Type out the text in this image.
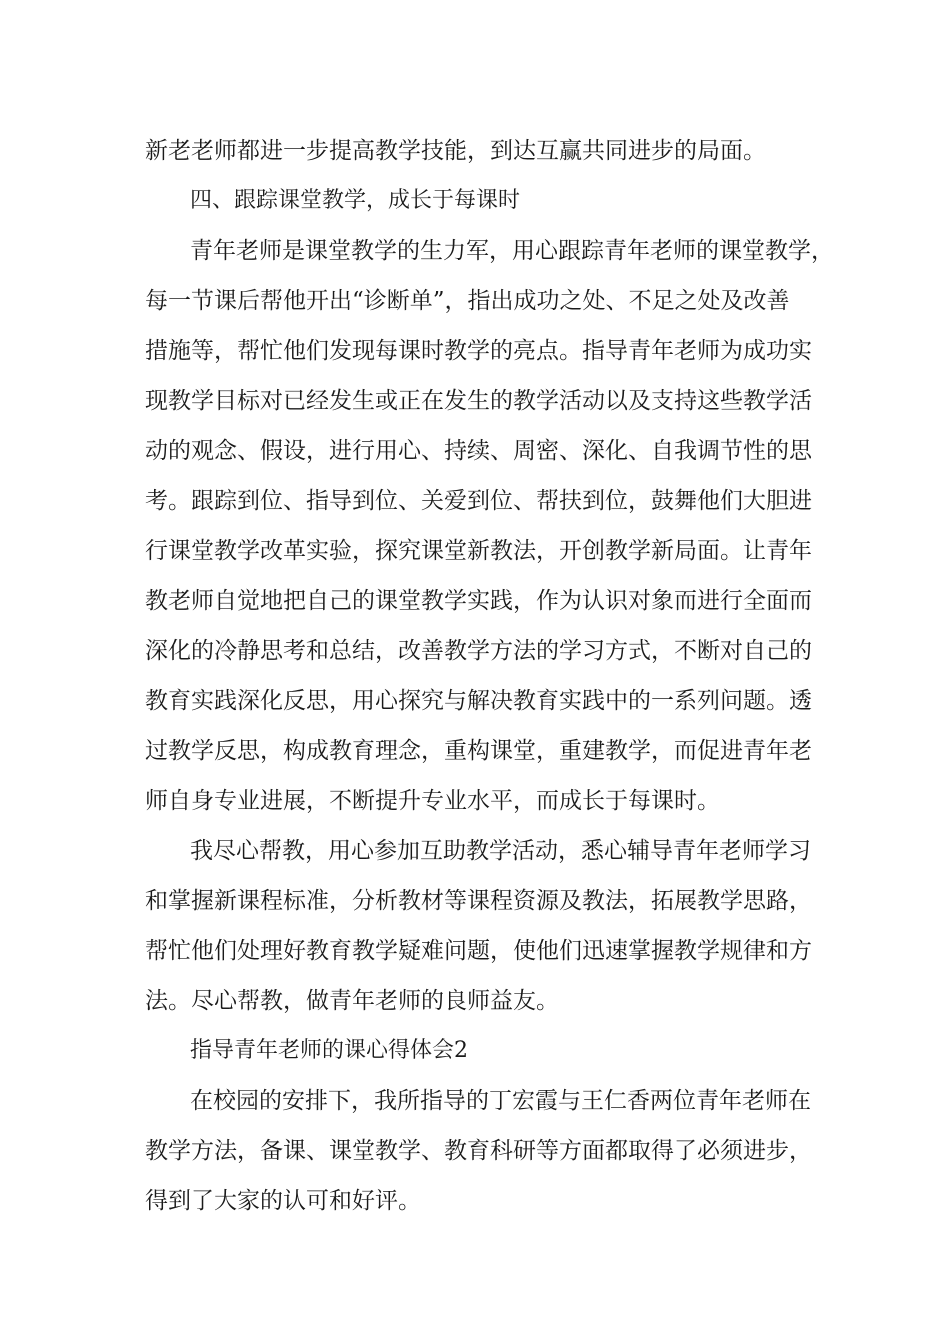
新老老师都进一步提高教学技能，到达互赢共同进步的局面。
四、跟踪课堂教学，成长于每课时
青年老师是课堂教学的生力军，用心跟踪青年老师的课堂教学，
每一节课后帮他开出“诊断单”，指出成功之处、不足之处及改善
措施等，帮忙他们发现每课时教学的亮点。指导青年老师为成功实
现教学目标对已经发生或正在发生的教学活动以及支持这些教学活
动的观念、假设，进行用心、持续、周密、深化、自我调节性的思
考。跟踪到位、指导到位、关爱到位、帮扶到位，鼓舞他们大胆进
行课堂教学改革实验，探究课堂新教法，开创教学新局面。让青年
教老师自觉地把自己的课堂教学实践，作为认识对象而进行全面而
深化的冷静思考和总结，改善教学方法的学习方式，不断对自己的
教育实践深化反思，用心探究与解决教育实践中的一系列问题。透
过教学反思，构成教育理念，重构课堂，重建教学，而促进青年老
师自身专业进展，不断提升专业水平，而成长于每课时。
我尽心帮教，用心参加互助教学活动，悉心辅导青年老师学习
和掌握新课程标准，分析教材等课程资源及教法，拓展教学思路，
帮忙他们处理好教育教学疑难问题，使他们迅速掌握教学规律和方
法。尽心帮教，做青年老师的良师益友。
指导青年老师的课心得体会2
在校园的安排下，我所指导的丁宏霞与王仁香两位青年老师在
教学方法，备课、课堂教学、教育科研等方面都取得了必须进步，
得到了大家的认可和好评。
